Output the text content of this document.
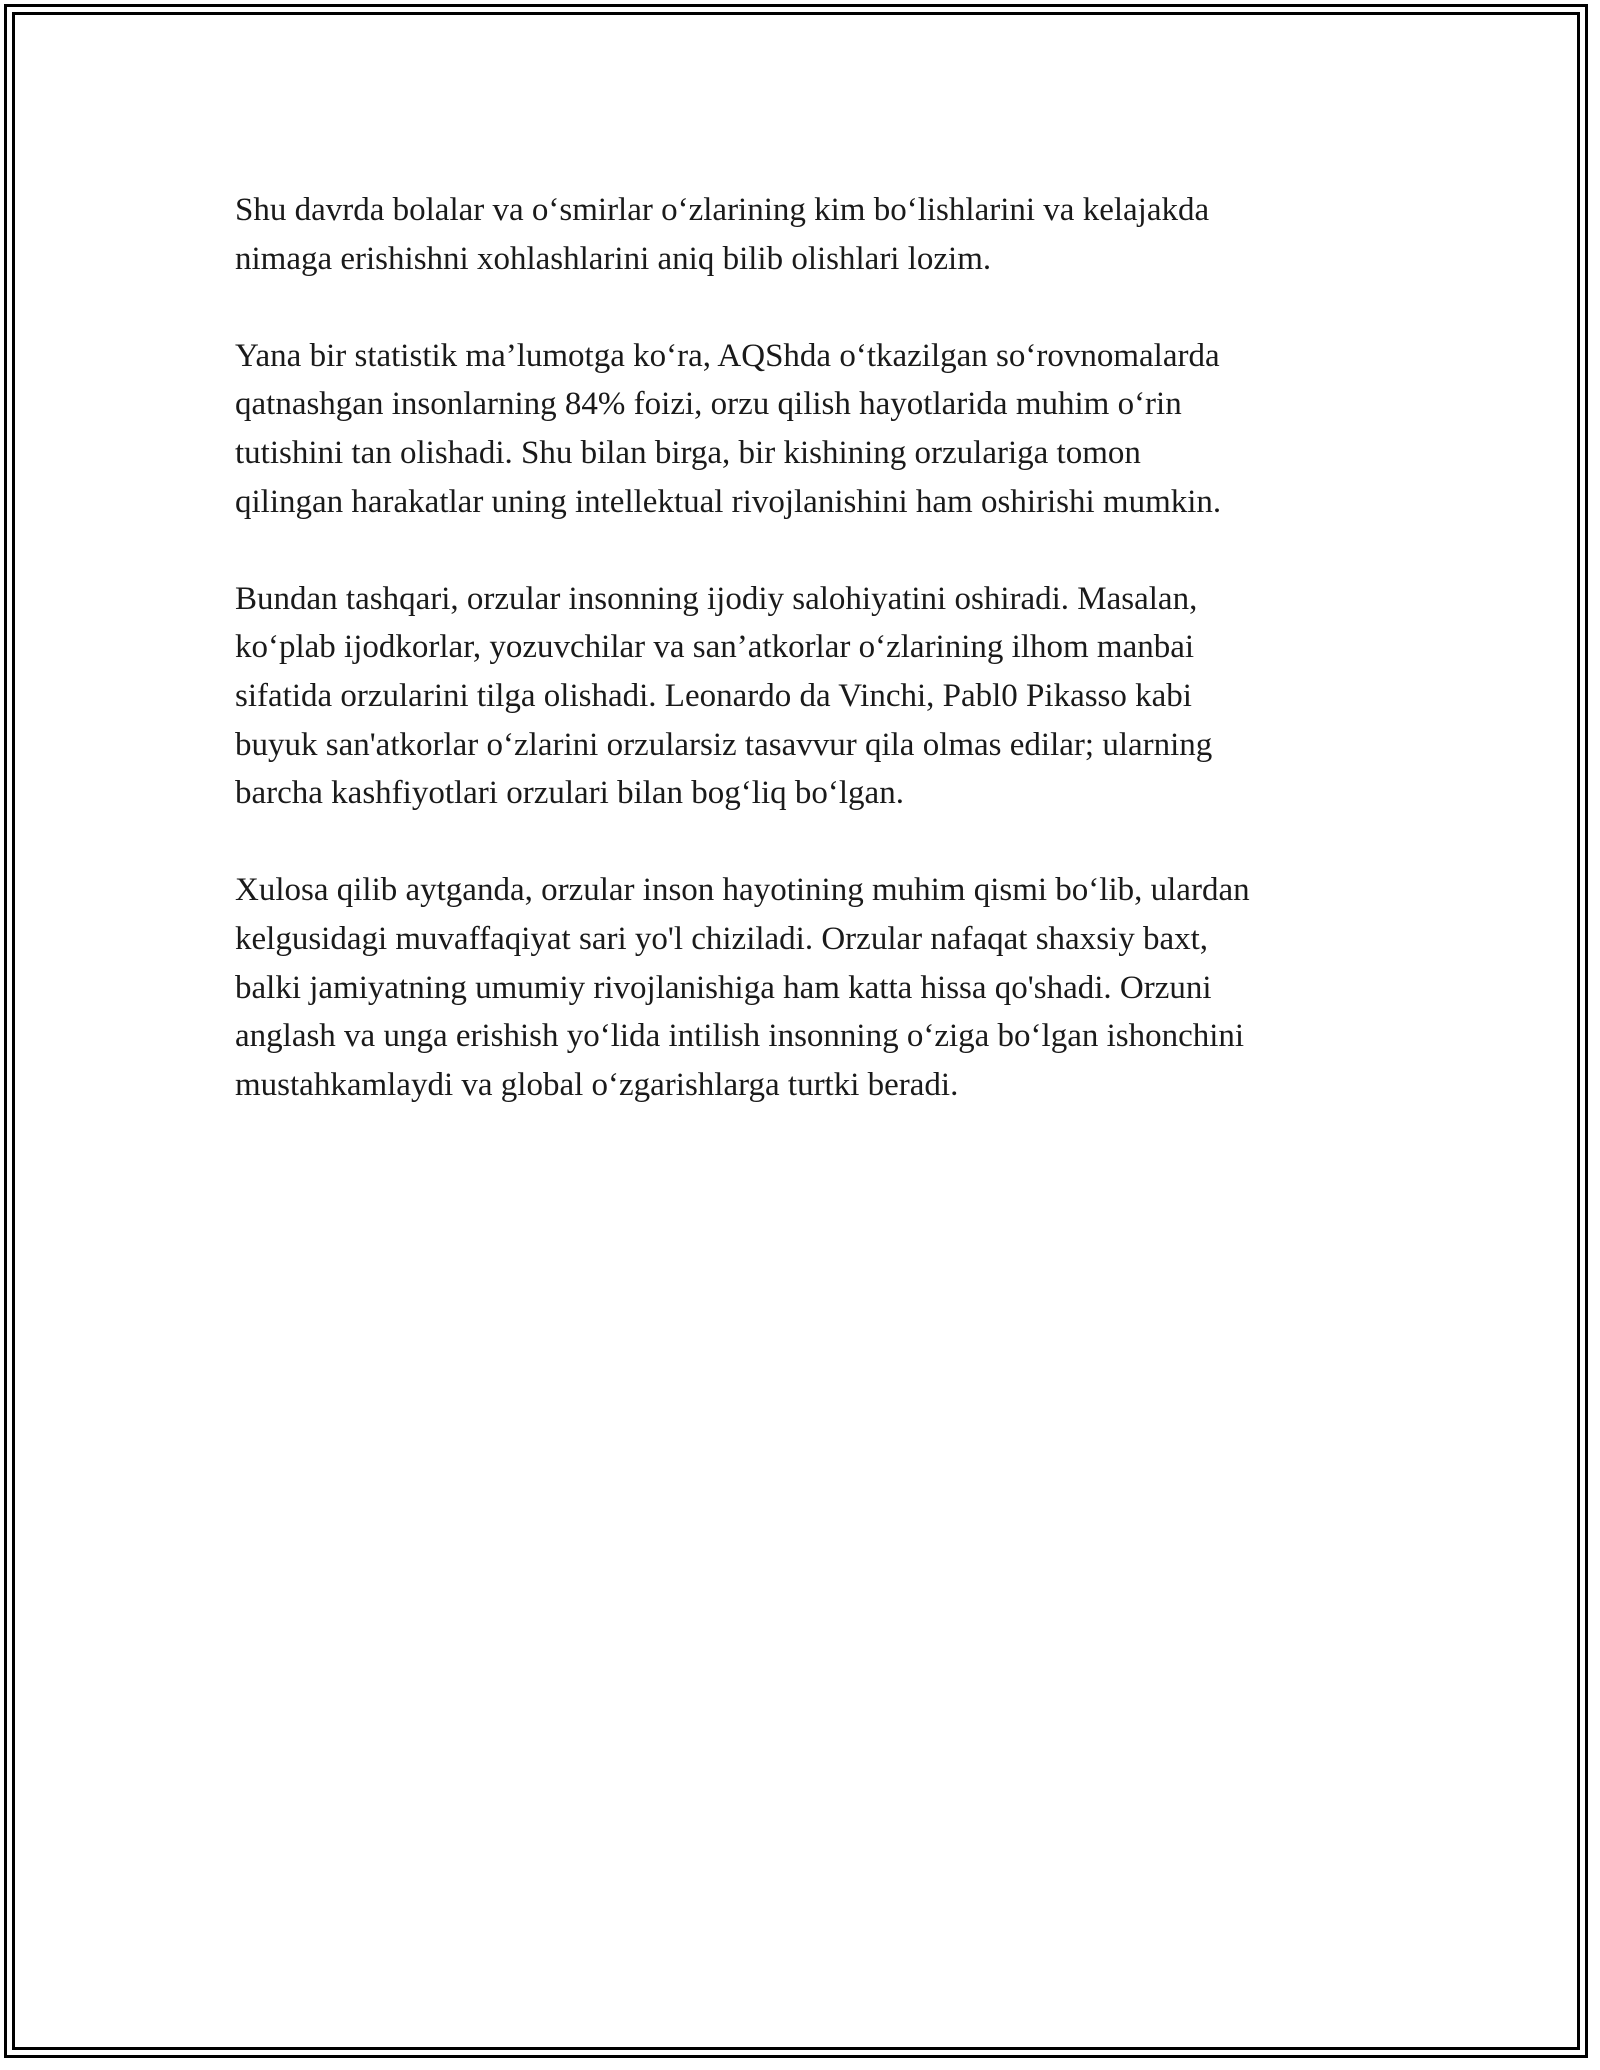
Shu davrda bolalar va o‘smirlar o‘zlarining kim bo‘lishlarini va kelajakda
nimaga erishishni xohlashlarini aniq bilib olishlari lozim.

Yana bir statistik ma’lumotga ko‘ra, AQShda o‘tkazilgan so‘rovnomalarda
qatnashgan insonlarning 84% foizi, orzu qilish hayotlarida muhim o‘rin
tutishini tan olishadi. Shu bilan birga, bir kishining orzulariga tomon
qilingan harakatlar uning intellektual rivojlanishini ham oshirishi mumkin.

Bundan tashqari, orzular insonning ijodiy salohiyatini oshiradi. Masalan,
ko‘plab ijodkorlar, yozuvchilar va san’atkorlar o‘zlarining ilhom manbai
sifatida orzularini tilga olishadi. Leonardo da Vinchi, Pabl0 Pikasso kabi
buyuk san'atkorlar o‘zlarini orzularsiz tasavvur qila olmas edilar; ularning
barcha kashfiyotlari orzulari bilan bog‘liq bo‘lgan.

Xulosa qilib aytganda, orzular inson hayotining muhim qismi bo‘lib, ulardan
kelgusidagi muvaffaqiyat sari yo'l chiziladi. Orzular nafaqat shaxsiy baxt,
balki jamiyatning umumiy rivojlanishiga ham katta hissa qo'shadi. Orzuni
anglash va unga erishish yo‘lida intilish insonning o‘ziga bo‘lgan ishonchini
mustahkamlaydi va global o‘zgarishlarga turtki beradi.
